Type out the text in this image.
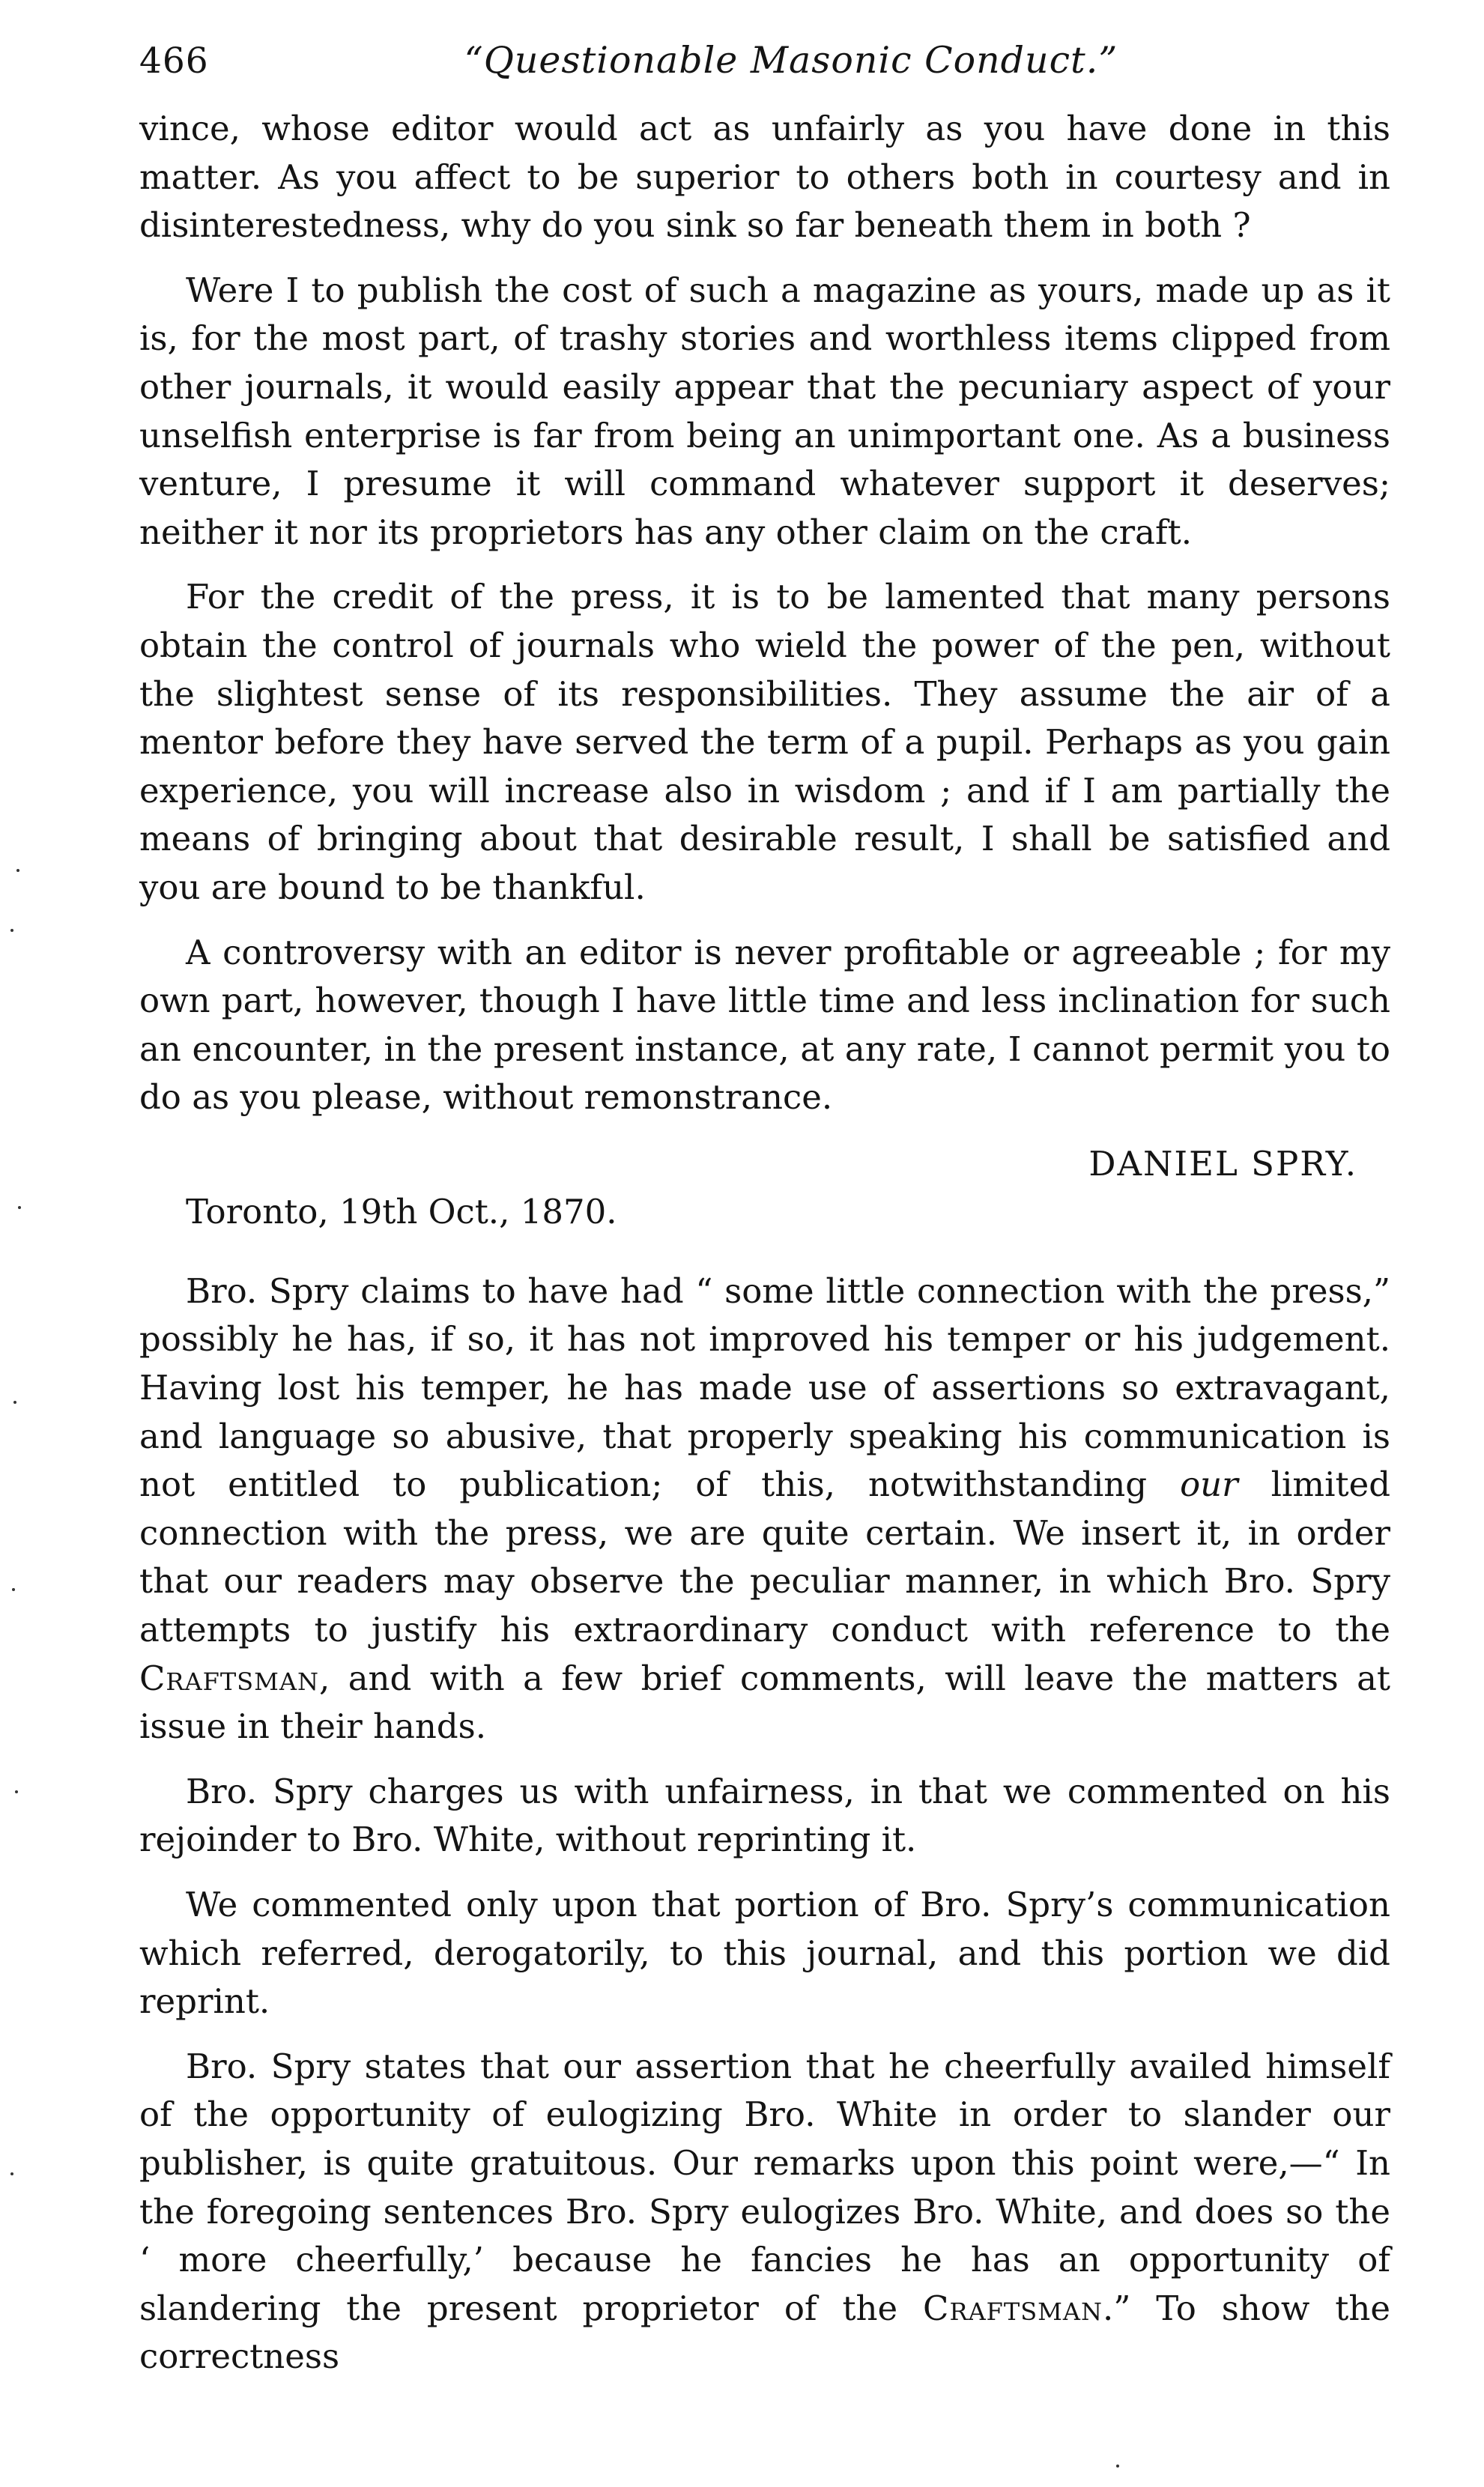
466	“Questionable Masonic Conduct.”

vince, whose editor would act as unfairly as you have done in this matter. As you affect to be superior to others both in courtesy and in disinterestedness, why do you sink so far beneath them in both ?

Were I to publish the cost of such a magazine as yours, made up as it is, for the most part, of trashy stories and worthless items clipped from other journals, it would easily appear that the pecuniary aspect of your unselfish enterprise is far from being an unimportant one. As a business venture, I presume it will command whatever support it deserves; neither it nor its proprietors has any other claim on the craft.

For the credit of the press, it is to be lamented that many persons obtain the control of journals who wield the power of the pen, without the slightest sense of its responsibilities. They assume the air of a mentor before they have served the term of a pupil. Perhaps as you gain experience, you will increase also in wisdom ; and if I am partially the means of bringing about that desirable result, I shall be satisfied and you are bound to be thankful.

A controversy with an editor is never profitable or agreeable ; for my own part, however, though I have little time and less inclination for such an encounter, in the present instance, at any rate, I cannot permit you to do as you please, without remonstrance.

DANIEL SPRY.
Toronto, 19th Oct., 1870.

Bro. Spry claims to have had “ some little connection with the press,” possibly he has, if so, it has not improved his temper or his judgement. Having lost his temper, he has made use of assertions so extravagant, and language so abusive, that properly speaking his communication is not entitled to publication; of this, notwithstanding our limited connection with the press, we are quite certain. We insert it, in order that our readers may observe the peculiar manner, in which Bro. Spry attempts to justify his extraordinary conduct with reference to the Craftsman, and with a few brief comments, will leave the matters at issue in their hands.

Bro. Spry charges us with unfairness, in that we commented on his rejoinder to Bro. White, without reprinting it.

We commented only upon that portion of Bro. Spry’s communication which referred, derogatorily, to this journal, and this portion we did reprint.

Bro. Spry states that our assertion that he cheerfully availed himself of the opportunity of eulogizing Bro. White in order to slander our publisher, is quite gratuitous. Our remarks upon this point were,—“ In the foregoing sentences Bro. Spry eulogizes Bro. White, and does so the ‘ more cheerfully,’ because he fancies he has an opportunity of slandering the present proprietor of the Craftsman.” To show the correctness
